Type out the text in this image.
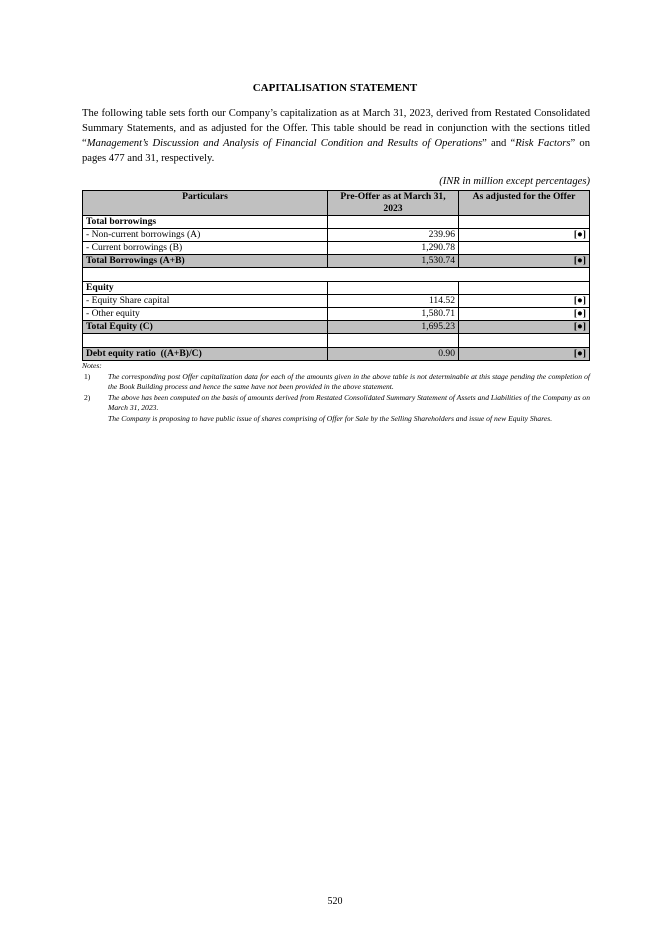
CAPITALISATION STATEMENT
The following table sets forth our Company’s capitalization as at March 31, 2023, derived from Restated Consolidated Summary Statements, and as adjusted for the Offer. This table should be read in conjunction with the sections titled “Management’s Discussion and Analysis of Financial Condition and Results of Operations” and “Risk Factors” on pages 477 and 31, respectively.
(INR in million except percentages)
Particulars	Pre-Offer as at March 31, 2023	As adjusted for the Offer
Total borrowings		
- Non-current borrowings (A)	239.96	[●]
- Current borrowings (B)	1,290.78	
Total Borrowings (A+B)	1,530.74	[●]

Equity		
- Equity Share capital	114.52	[●]
- Other equity	1,580.71	[●]
Total Equity (C)	1,695.23	[●]

Debt equity ratio  ((A+B)/C)	0.90	[●]
Notes:
1)	The corresponding post Offer capitalization data for each of the amounts given in the above table is not determinable at this stage pending the completion of the Book Building process and hence the same have not been provided in the above statement.
2)	The above has been computed on the basis of amounts derived from Restated Consolidated Summary Statement of Assets and Liabilities of the Company as on March 31, 2023.
The Company is proposing to have public issue of shares comprising of Offer for Sale by the Selling Shareholders and issue of new Equity Shares.
520
